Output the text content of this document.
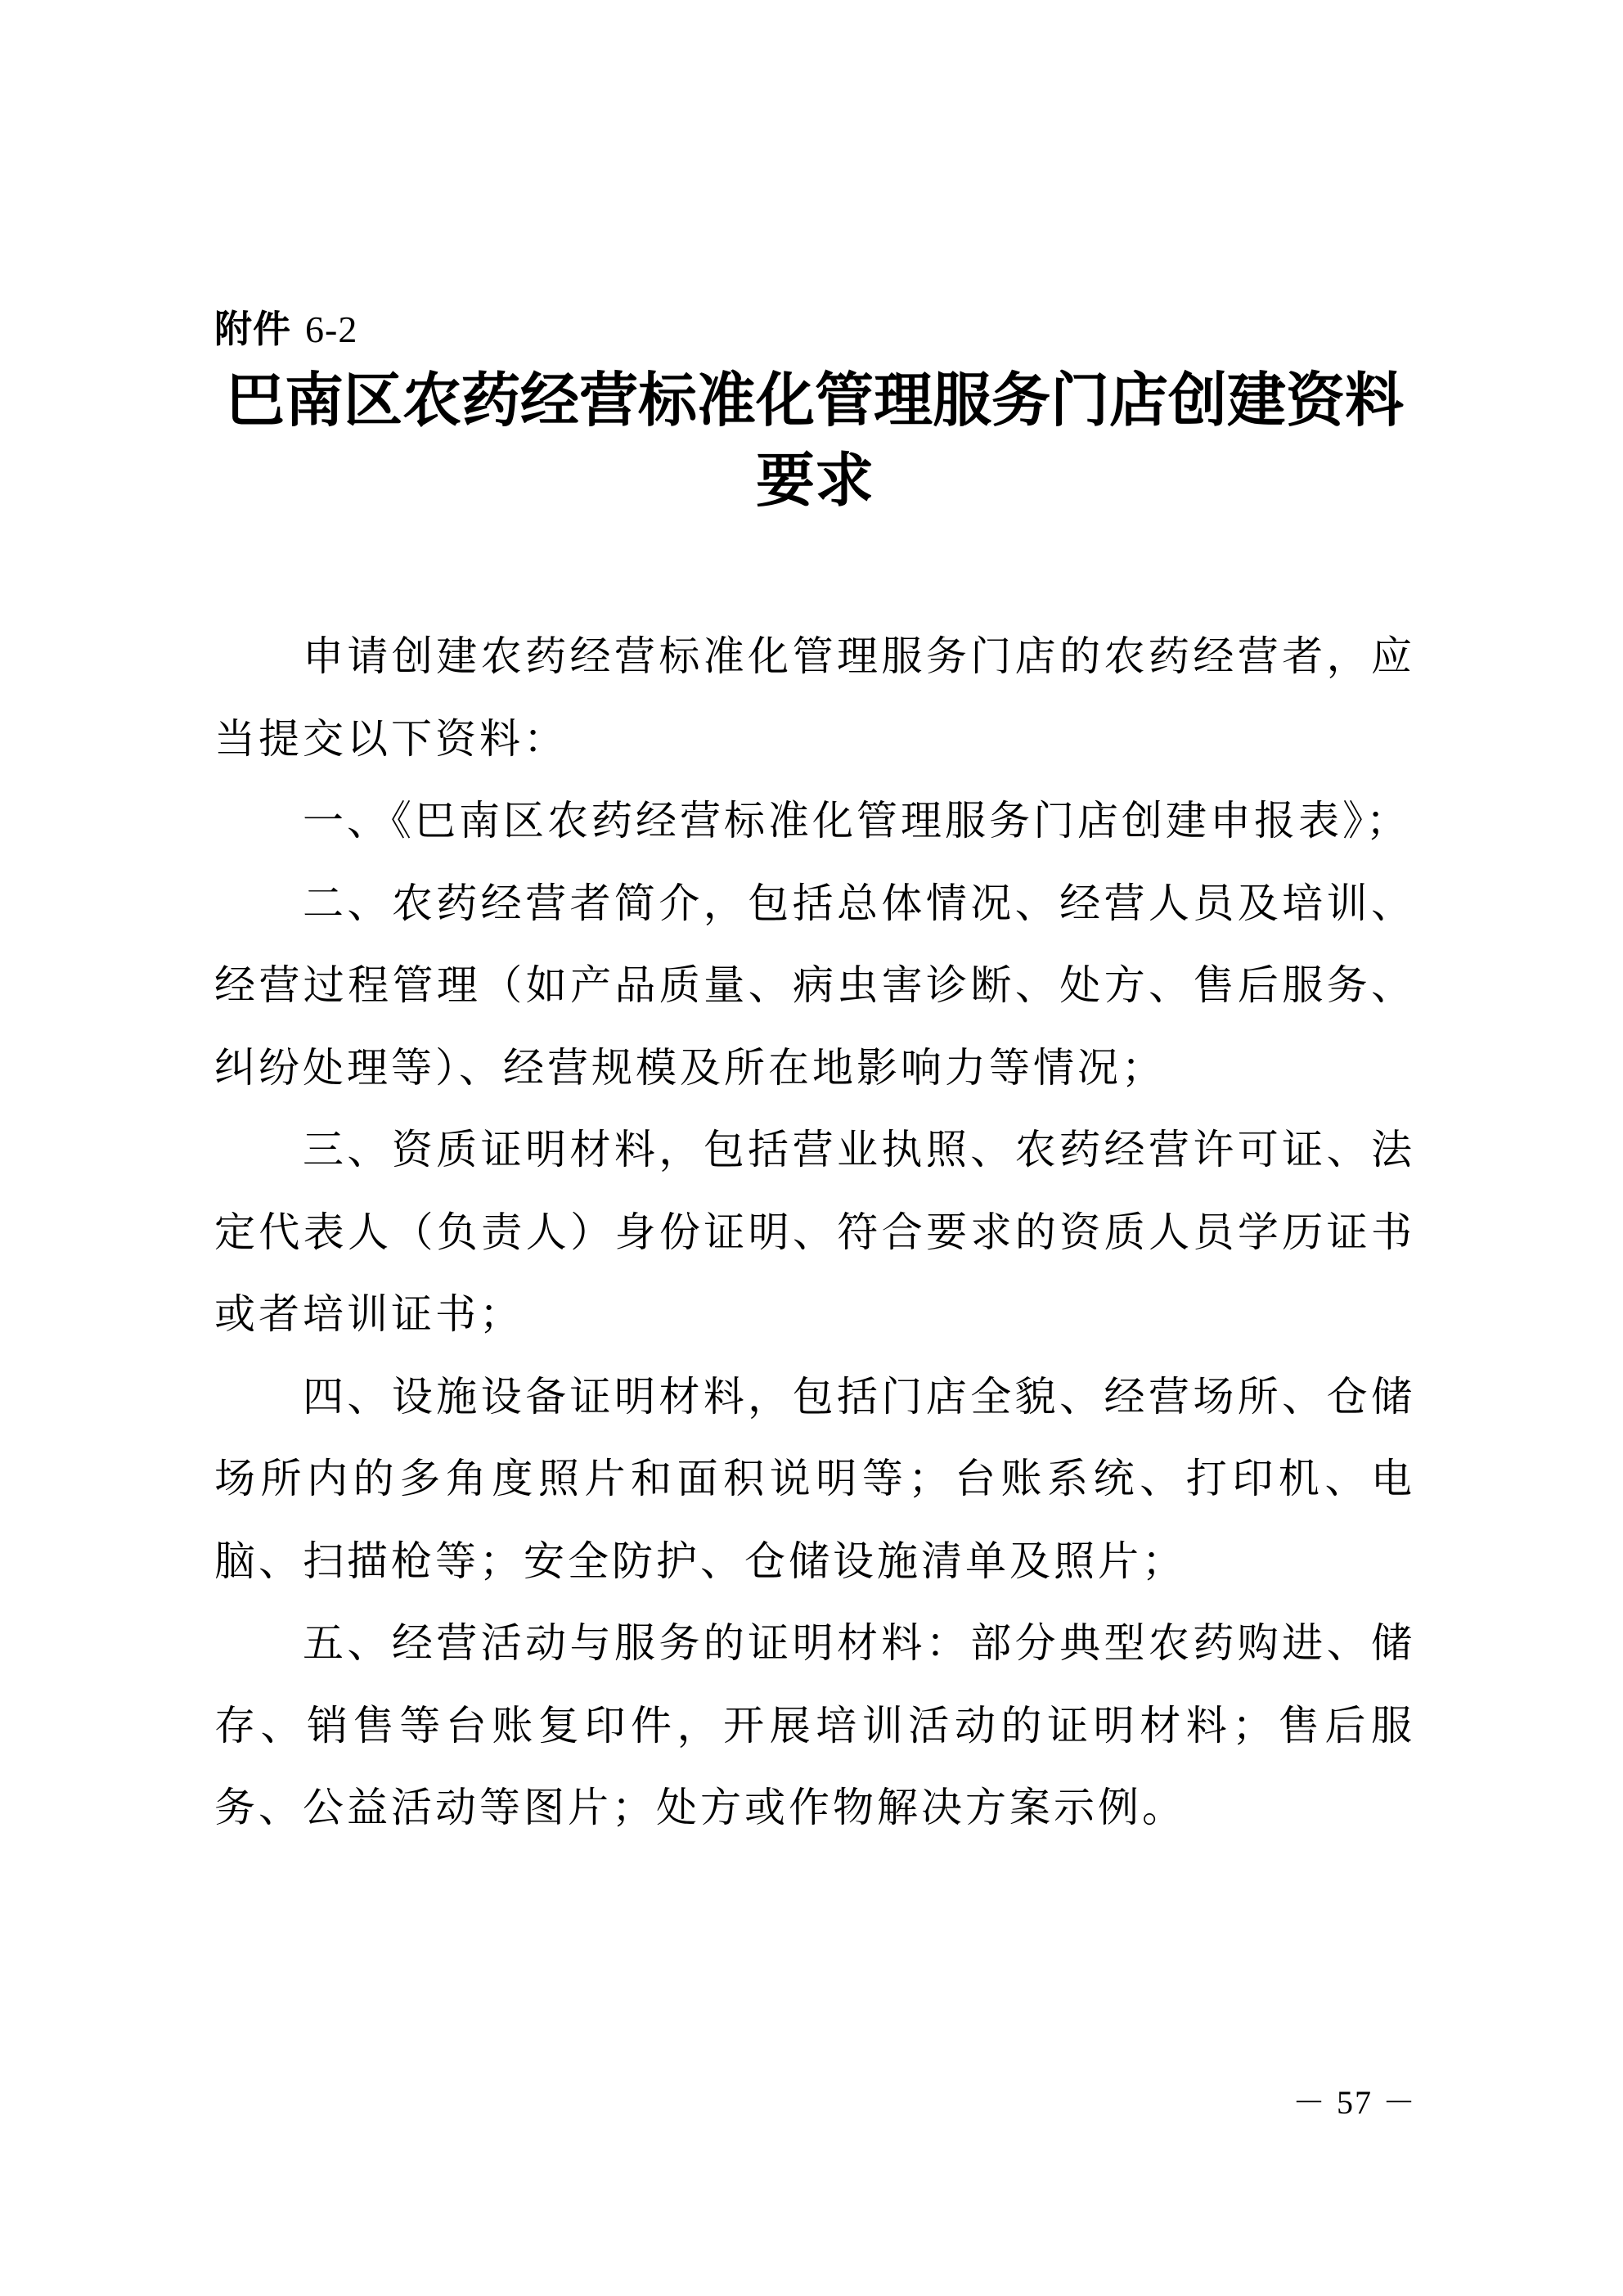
附件 6-2
巴南区农药经营标准化管理服务门店创建资料
要求

申请创建农药经营标准化管理服务门店的农药经营者，应当提交以下资料：

一、《巴南区农药经营标准化管理服务门店创建申报表》；

二、农药经营者简介，包括总体情况、经营人员及培训、经营过程管理（如产品质量、病虫害诊断、处方、售后服务、纠纷处理等）、经营规模及所在地影响力等情况；

三、资质证明材料，包括营业执照、农药经营许可证、法定代表人（负责人）身份证明、符合要求的资质人员学历证书或者培训证书；

四、设施设备证明材料，包括门店全貌、经营场所、仓储场所内的多角度照片和面积说明等；台账系统、打印机、电脑、扫描枪等；安全防护、仓储设施清单及照片；

五、经营活动与服务的证明材料：部分典型农药购进、储存、销售等台账复印件，开展培训活动的证明材料；售后服务、公益活动等图片；处方或作物解决方案示例。

－ 57 －
